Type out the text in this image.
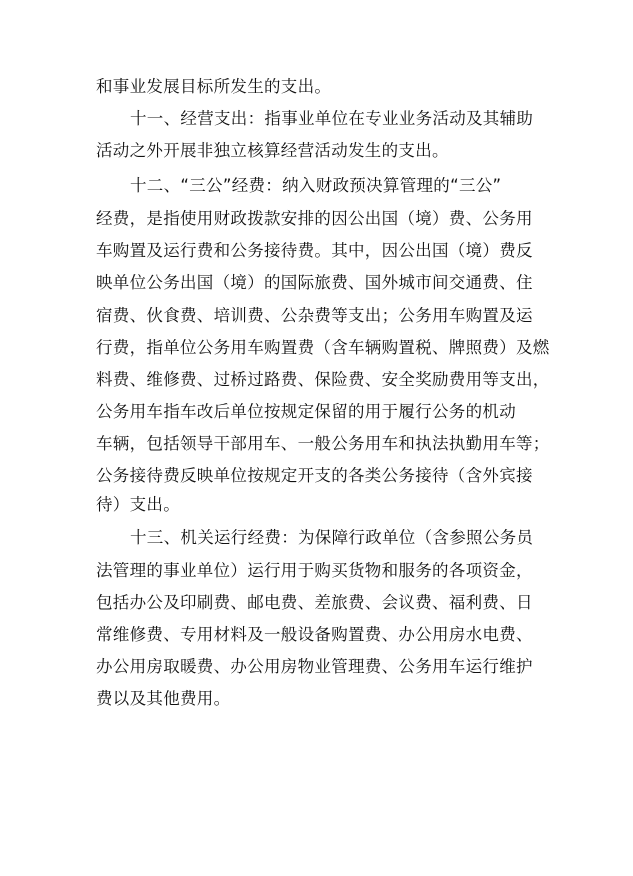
和事业发展目标所发生的支出。
十一、经营支出：指事业单位在专业业务活动及其辅助
活动之外开展非独立核算经营活动发生的支出。
十二、“三公”经费：纳入财政预决算管理的“三公”
经费，是指使用财政拨款安排的因公出国（境）费、公务用
车购置及运行费和公务接待费。其中，因公出国（境）费反
映单位公务出国（境）的国际旅费、国外城市间交通费、住
宿费、伙食费、培训费、公杂费等支出；公务用车购置及运
行费，指单位公务用车购置费（含车辆购置税、牌照费）及燃
料费、维修费、过桥过路费、保险费、安全奖励费用等支出，
公务用车指车改后单位按规定保留的用于履行公务的机动
车辆，包括领导干部用车、一般公务用车和执法执勤用车等；
公务接待费反映单位按规定开支的各类公务接待（含外宾接
待）支出。
十三、机关运行经费：为保障行政单位（含参照公务员
法管理的事业单位）运行用于购买货物和服务的各项资金，
包括办公及印刷费、邮电费、差旅费、会议费、福利费、日
常维修费、专用材料及一般设备购置费、办公用房水电费、
办公用房取暖费、办公用房物业管理费、公务用车运行维护
费以及其他费用。
